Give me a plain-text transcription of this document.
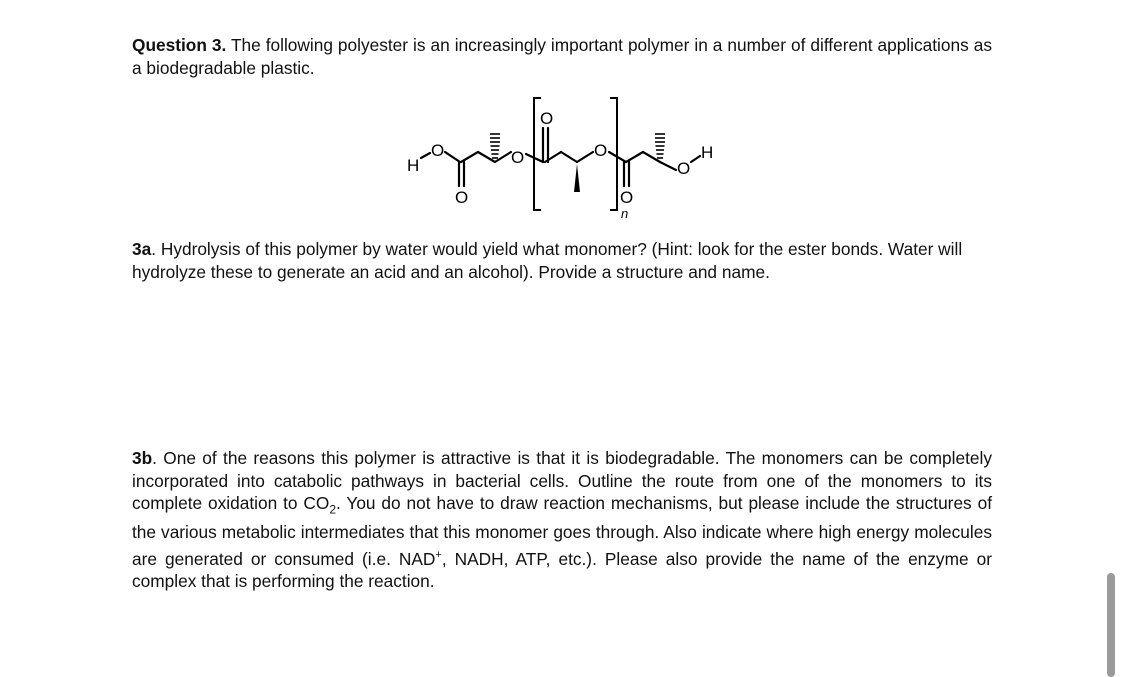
Question 3. The following polyester is an increasingly important polymer in a number of different applications as a biodegradable plastic.

H
O
O
O
O
O
n
O
O
H

3a. Hydrolysis of this polymer by water would yield what monomer? (Hint: look for the ester bonds. Water will hydrolyze these to generate an acid and an alcohol). Provide a structure and name.

3b. One of the reasons this polymer is attractive is that it is biodegradable. The monomers can be completely incorporated into catabolic pathways in bacterial cells. Outline the route from one of the monomers to its complete oxidation to $CO_2$. You do not have to draw reaction mechanisms, but please include the structures of the various metabolic intermediates that this monomer goes through. Also indicate where high energy molecules are generated or consumed (i.e. NAD+, NADH, ATP, etc.). Please also provide the name of the enzyme or complex that is performing the reaction.
